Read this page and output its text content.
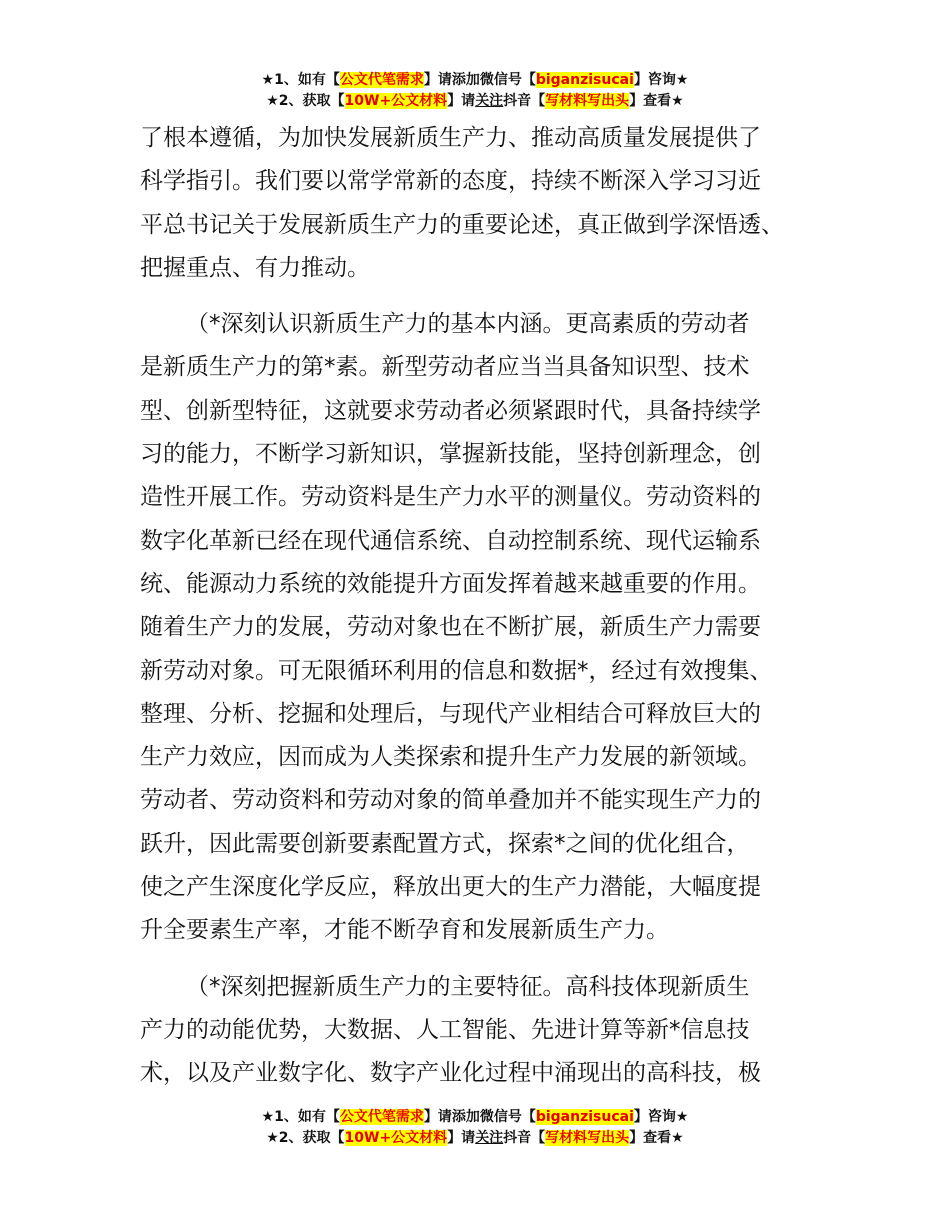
★1、如有【公文代笔需求】请添加微信号【biganzisucai】咨询★
★2、获取【10W+公文材料】请关注抖音【写材料写出头】查看★
了根本遵循，为加快发展新质生产力、推动高质量发展提供了
科学指引。我们要以常学常新的态度，持续不断深入学习习近
平总书记关于发展新质生产力的重要论述，真正做到学深悟透、
把握重点、有力推动。
（*深刻认识新质生产力的基本内涵。更高素质的劳动者
是新质生产力的第*素。新型劳动者应当当具备知识型、技术
型、创新型特征，这就要求劳动者必须紧跟时代，具备持续学
习的能力，不断学习新知识，掌握新技能，坚持创新理念，创
造性开展工作。劳动资料是生产力水平的测量仪。劳动资料的
数字化革新已经在现代通信系统、自动控制系统、现代运输系
统、能源动力系统的效能提升方面发挥着越来越重要的作用。
随着生产力的发展，劳动对象也在不断扩展，新质生产力需要
新劳动对象。可无限循环利用的信息和数据*，经过有效搜集、
整理、分析、挖掘和处理后，与现代产业相结合可释放巨大的
生产力效应，因而成为人类探索和提升生产力发展的新领域。
劳动者、劳动资料和劳动对象的简单叠加并不能实现生产力的
跃升，因此需要创新要素配置方式，探索*之间的优化组合，
使之产生深度化学反应，释放出更大的生产力潜能，大幅度提
升全要素生产率，才能不断孕育和发展新质生产力。
（*深刻把握新质生产力的主要特征。高科技体现新质生
产力的动能优势，大数据、人工智能、先进计算等新*信息技
术，以及产业数字化、数字产业化过程中涌现出的高科技，极
★1、如有【公文代笔需求】请添加微信号【biganzisucai】咨询★
★2、获取【10W+公文材料】请关注抖音【写材料写出头】查看★
